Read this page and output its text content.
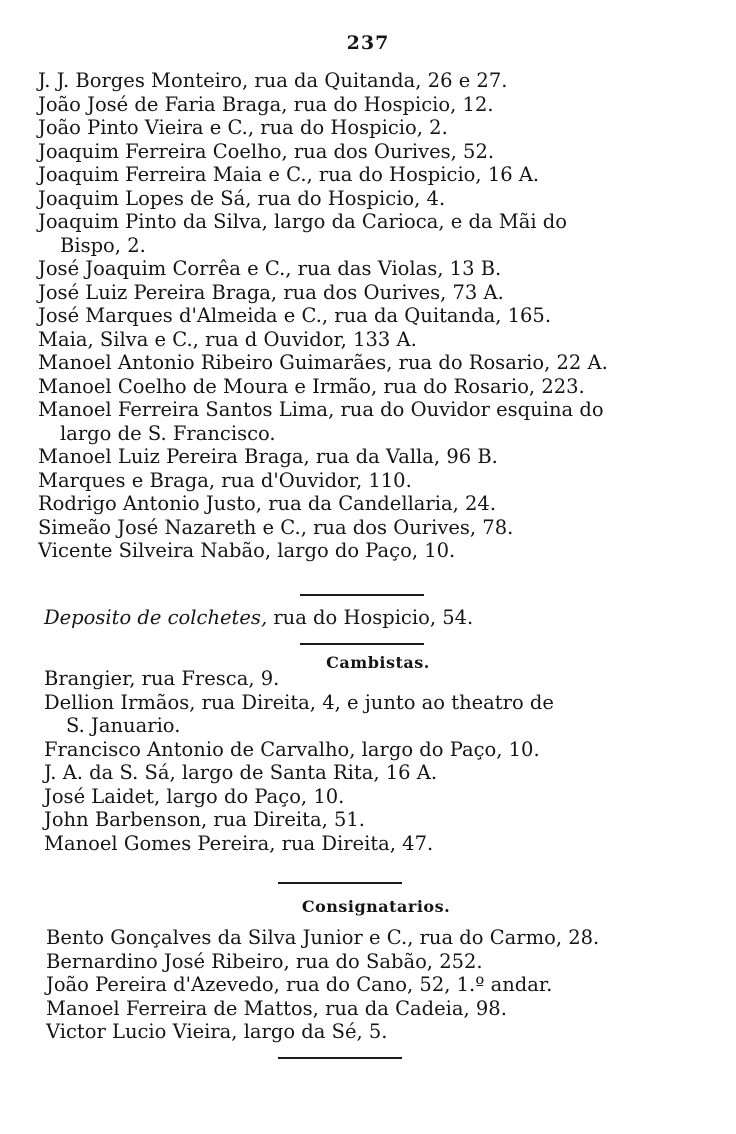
237
J. J. Borges Monteiro, rua da Quitanda, 26 e 27.
João José de Faria Braga, rua do Hospicio, 12.
João Pinto Vieira e C., rua do Hospicio, 2.
Joaquim Ferreira Coelho, rua dos Ourives, 52.
Joaquim Ferreira Maia e C., rua do Hospicio, 16 A.
Joaquim Lopes de Sá, rua do Hospicio, 4.
Joaquim Pinto da Silva, largo da Carioca, e da Mãi do
Bispo, 2.
José Joaquim Corrêa e C., rua das Violas, 13 B.
José Luiz Pereira Braga, rua dos Ourives, 73 A.
José Marques d'Almeida e C., rua da Quitanda, 165.
Maia, Silva e C., rua d Ouvidor, 133 A.
Manoel Antonio Ribeiro Guimarães, rua do Rosario, 22 A.
Manoel Coelho de Moura e Irmão, rua do Rosario, 223.
Manoel Ferreira Santos Lima, rua do Ouvidor esquina do
largo de S. Francisco.
Manoel Luiz Pereira Braga, rua da Valla, 96 B.
Marques e Braga, rua d'Ouvidor, 110.
Rodrigo Antonio Justo, rua da Candellaria, 24.
Simeão José Nazareth e C., rua dos Ourives, 78.
Vicente Silveira Nabão, largo do Paço, 10.
Deposito de colchetes, rua do Hospicio, 54.
Cambistas.
Brangier, rua Fresca, 9.
Dellion Irmãos, rua Direita, 4, e junto ao theatro de
S. Januario.
Francisco Antonio de Carvalho, largo do Paço, 10.
J. A. da S. Sá, largo de Santa Rita, 16 A.
José Laidet, largo do Paço, 10.
John Barbenson, rua Direita, 51.
Manoel Gomes Pereira, rua Direita, 47.
Consignatarios.
Bento Gonçalves da Silva Junior e C., rua do Carmo, 28.
Bernardino José Ribeiro, rua do Sabão, 252.
João Pereira d'Azevedo, rua do Cano, 52, 1.º andar.
Manoel Ferreira de Mattos, rua da Cadeia, 98.
Victor Lucio Vieira, largo da Sé, 5.
